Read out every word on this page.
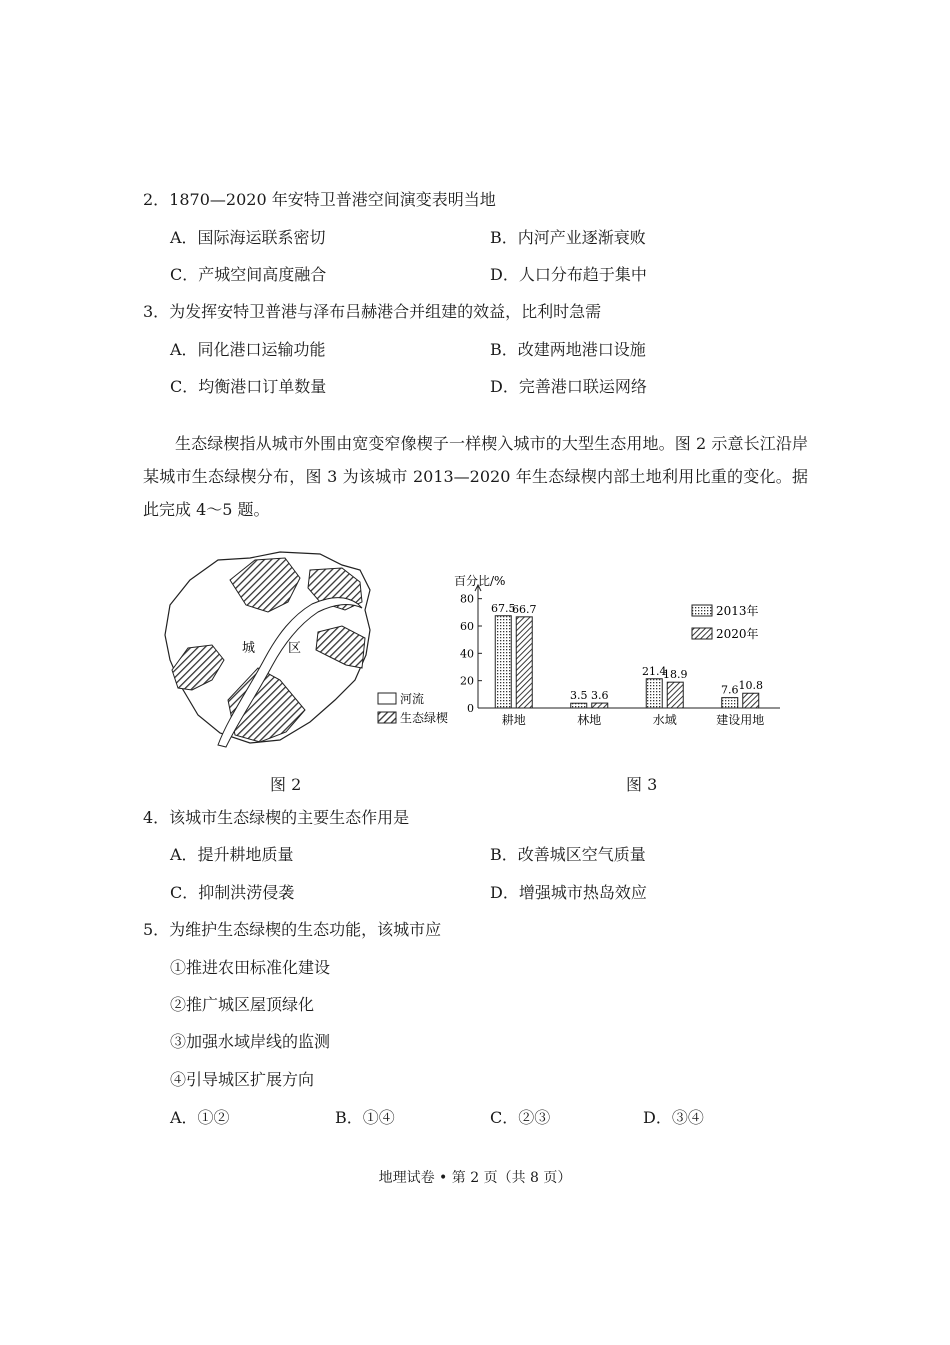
2．1870—2020 年安特卫普港空间演变表明当地
A．国际海运联系密切	B．内河产业逐渐衰败
C．产城空间高度融合	D．人口分布趋于集中
3．为发挥安特卫普港与泽布吕赫港合并组建的效益，比利时急需
A．同化港口运输功能	B．改建两地港口设施
C．均衡港口订单数量	D．完善港口联运网络
生态绿楔指从城市外围由宽变窄像楔子一样楔入城市的大型生态用地。图 2 示意长江沿岸某城市生态绿楔分布，图 3 为该城市 2013—2020 年生态绿楔内部土地利用比重的变化。据此完成 4～5 题。
城	区
河流
生态绿楔
图 2
百分比/%
0
20
40
60
80
67.5
66.7
耕地
3.5 3.6
林地
21.4
18.9
水域
7.6 10.8
建设用地
2013年
2020年
图 3
4．该城市生态绿楔的主要生态作用是
A．提升耕地质量	B．改善城区空气质量
C．抑制洪涝侵袭	D．增强城市热岛效应
5．为维护生态绿楔的生态功能，该城市应
①推进农田标准化建设
②推广城区屋顶绿化
③加强水域岸线的监测
④引导城区扩展方向
A．①②	B．①④	C．②③	D．③④
地理试卷 • 第 2 页（共 8 页）
